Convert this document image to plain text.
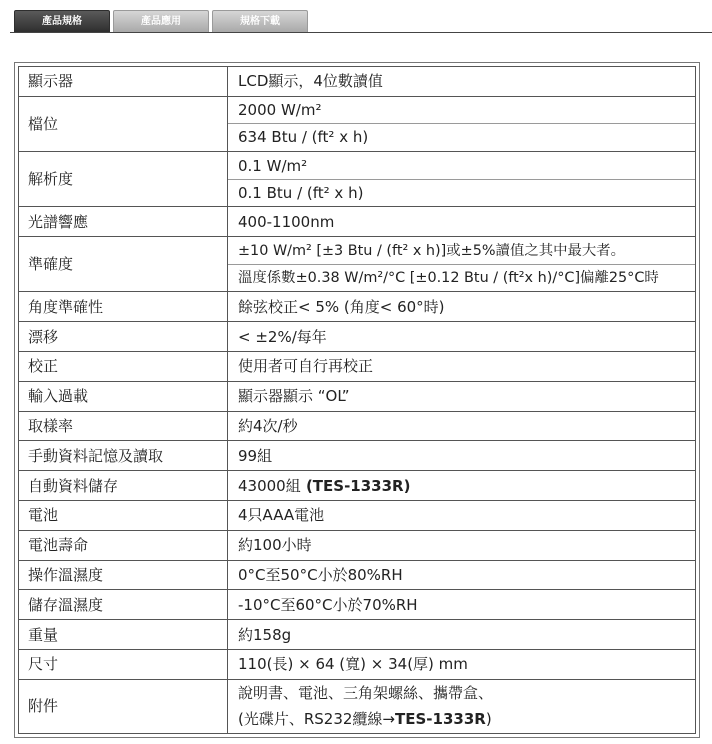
產品規格	產品應用	規格下載
顯示器	LCD顯示，4位數讀值
檔位	2000 W/m²
634 Btu / (ft² x h)

解析度	0.1 W/m²
0.1 Btu / (ft² x h)

光譜響應	400-1100nm
準確度	±10 W/m² [±3 Btu / (ft² x h)]或±5%讀值之其中最大者。
溫度係數±0.38 W/m²/°C [±0.12 Btu / (ft²x h)/°C]偏離25°C時

角度準確性	餘弦校正< 5% (角度< 60°時)
漂移	< ±2%/每年
校正	使用者可自行再校正
輸入過載	顯示器顯示 “OL”
取樣率	約4次/秒
手動資料記憶及讀取	99組
自動資料儲存	43000組 (TES-1333R)
電池	4只AAA電池
電池壽命	約100小時
操作溫濕度	0°C至50°C小於80%RH
儲存溫濕度	-10°C至60°C小於70%RH
重量	約158g
尺寸	110(長) × 64 (寬) × 34(厚) mm
附件	說明書、電池、三角架螺絲、攜帶盒、
(光碟片、RS232纜線→TES-1333R)
